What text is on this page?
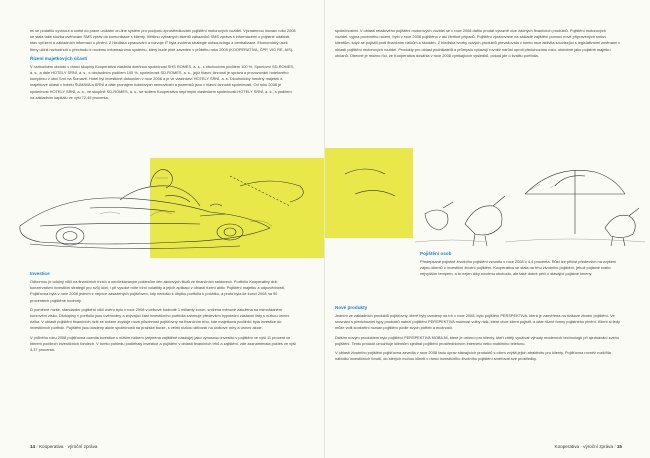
mi se podařilo vyvinout a uvést do praxe unikátní on-line systém pro podporu zprostředkování pojištění motorových vozidel. Významnou inovací roku 2008 se stala také služba ověřování SMS zpráv do komunikace s klienty. Většinu vybraných klientů zákazníků SMS zpráva s informacemi o pojistné události, stav vyřízení a základních informací o plnění. Z hlediska zpracování a rozvoje IT byla zvolena strategie outsourcingu a centralizace. Ekonomický úsek firmy učinil rozhodnutí o přechodu k novému informačnímu systému, který bude plně zaveden v průběhu roku 2009 (KOOPERATIVA, ČPP, VIG RE, AIS).

Řízení majetkových účastí

V rozhodném období v rámci skupiny Kooperativa vlastnila dceřinou společnost SHS ROMES, a. s., s obchodním podílem 100 %, Sportovní SD-ROMES, a. s., a dále HOTELY SRNÍ, a. s., s obchodním podílem 100 %, společnosti SD-ROMES, a. s., jejíž hlavní činností je správa a provozování hotelového komplexu v obci Srní na Šumavě. Hotel byl investičně dokončen v roce 2008 a je ve vlastnictví HOTELY SRNÍ, a. s. Dlouhodobý hmotný majetek a majetkové účasti v hotelu ŠUMAVA a SRNÍ a dále pronájem hotelových nemovitostí a pozemků jsou v hlavní činnosti společnosti. Od roku 2008 je společnost HOTELY SRNÍ, a. s., ve skupině SD-ROMES, a. s., se sídlem Kooperativa nepřímým vlastníkem společnosti HOTELY SRNÍ, a. s., s podílem na základním kapitálu ve výši 72,49 procenta.

Investice

Odbornou je odolný vůči na finančních trzích a neočekávaným poklesům cen akciových titulů ve finančních sektorech. Portfolio Kooperativy drží konzervativní investiční strategii pro svůj účel, i při vysoké míře tržní volatility a jejích aplikací v oblasti řízení aktiv. Pojištění majetku a odpovědnosti, Pojišťovna byla v roce 2008 jedním z nejvíce zasažených pojišťoven, kdy nedošlo k úbytku portfolia k počátku, a proto byla ke konci 2008 na 90 procentech pojištěné hodnoty.

O poměrně nízké, standardní pojištění vůči úvěru bylo v roce 2008 v celkové hodnotě 1 miliardy korun, snížena měnově založena na mimořádném kurzovém zisku. Dluhopisy v portfoliu jsou úvěrovány a zbývající část investičního portfolia zahrnuje především hypoteční zástavní listy s nízkou úrovní rizika. V oblasti pojištění finančních rizik se ovšem zvyšuje nová působnost pojišťovny na finančním trhu, kde majetková podílnicí byla investice do investičních portfolií. Pojištění jsou kladeny akcie společnosti na pražské burze, s velmi nízkou citlivostí na úrokové míry a úrovní akcie.

V průběhu roku 2008 pojišťovna ocenila investice s nižším rizikem (zejména zajištěné nástroje) jako výnosnou investici v pojištění ve výši 11 procent ve kterém podílech investičních fondech. V tomto pohledu podléhaly investice a pojištění v oblasti finančních trhů a zajištění, zde zaznamenala pokles ve výši 4,37 procenta.

14 / Kooperativa · výroční zpráva

společnostmi. V oblasti retailového pojištění motorových vozidel se v roce 2008 dařilo prodat výrazně více žádných finančních produktů. Pojištění motorových vozidel, vyjma povinného ručení, bylo v roce 2008 pojištěno v asi čtvrtině případů. Pojištění zpracované na základě zajištění pomocí nově připravených smluv klientům, když se pojistili proti finančním rizikům a škodám. Z hlediska tvorby nových produktů převažovala v tomto roce aktivita související s legislativními změnami v oblasti pojištění motorových vozidel. Produkty pro oblast podnikatelů a průmyslu vykazují rovněž nárůst oproti předchozímu roku, obdobně jako pojistné majetku občanů. Obecně je možno říci, že Kooperativa dosáhla v roce 2008 vynikajících výsledků, pokud jde o kvalitu portfolia.

Pojištění osob

Předepsané pojistné životního pojištění vzrostlo v roce 2008 o 4,4 procenta. Růst lze přičíst především na zvýšení zájmu klientů o investiční životní pojištění. Kooperativa se stala na trhu životního pojištění, jehož pojistné rostlo nejvyšším tempem, a to nejen díky novému obchodu, ale také dobré péči o stávající pojistné kmeny.

Nové produkty

Jedním ze základních produktů pojišťovny, které byly uvedeny na trh v roce 2008, bylo pojištění PERSPEKTIVA, která je zaměřena na rizikové životní pojištění. Ve srovnání s předchozími typy produktů nabízí pojištění PERSPEKTIVA možnost volby rizik, které chce klient pojistit, a dále různé formy pojistného plnění. Klient si tedy může volit konkrétní rozsah pojištění podle svých potřeb a možností.

Dalším novým produktem bylo pojištění PERSPEKTIVA MOBILNÍ, které je určeno pro klienty, kteří chtějí využívat výhody moderních technologií při sjednávání svého pojištění. Tento produkt umožňuje klientům sjednat pojištění prostřednictvím internetu nebo mobilního telefonu.

V oblasti životního pojištění pojišťovna zavedla v roce 2008 řadu úprav stávajících produktů s cílem zvýšit jejich atraktivitu pro klienty. Pojišťovna rovněž rozšířila nabídku investičních fondů, do kterých mohou klienti v rámci investičního životního pojištění směřovat své prostředky.

Kooperativa · výroční zpráva / 15
